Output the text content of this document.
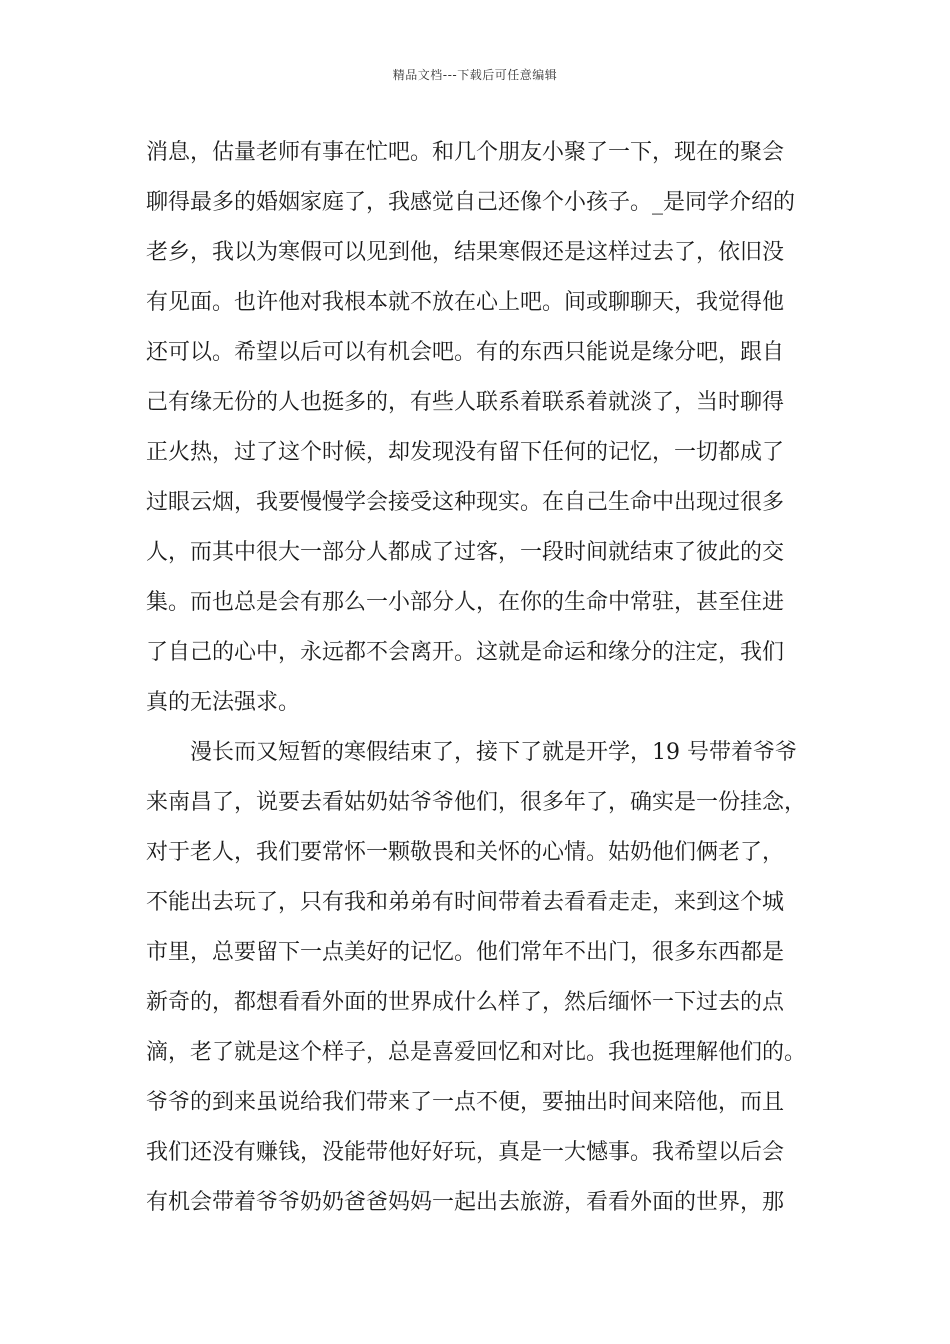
精品文档---下载后可任意编辑
消息，估量老师有事在忙吧。和几个朋友小聚了一下，现在的聚会
聊得最多的婚姻家庭了，我感觉自己还像个小孩子。_是同学介绍的
老乡，我以为寒假可以见到他，结果寒假还是这样过去了，依旧没
有见面。也许他对我根本就不放在心上吧。间或聊聊天，我觉得他
还可以。希望以后可以有机会吧。有的东西只能说是缘分吧，跟自
己有缘无份的人也挺多的，有些人联系着联系着就淡了，当时聊得
正火热，过了这个时候，却发现没有留下任何的记忆，一切都成了
过眼云烟，我要慢慢学会接受这种现实。在自己生命中出现过很多
人，而其中很大一部分人都成了过客，一段时间就结束了彼此的交
集。而也总是会有那么一小部分人，在你的生命中常驻，甚至住进
了自己的心中，永远都不会离开。这就是命运和缘分的注定，我们
真的无法强求。
漫长而又短暂的寒假结束了，接下了就是开学，19 号带着爷爷
来南昌了，说要去看姑奶姑爷爷他们，很多年了，确实是一份挂念，
对于老人，我们要常怀一颗敬畏和关怀的心情。姑奶他们俩老了，
不能出去玩了，只有我和弟弟有时间带着去看看走走，来到这个城
市里，总要留下一点美好的记忆。他们常年不出门，很多东西都是
新奇的，都想看看外面的世界成什么样了，然后缅怀一下过去的点
滴，老了就是这个样子，总是喜爱回忆和对比。我也挺理解他们的。
爷爷的到来虽说给我们带来了一点不便，要抽出时间来陪他，而且
我们还没有赚钱，没能带他好好玩，真是一大憾事。我希望以后会
有机会带着爷爷奶奶爸爸妈妈一起出去旅游，看看外面的世界，那
